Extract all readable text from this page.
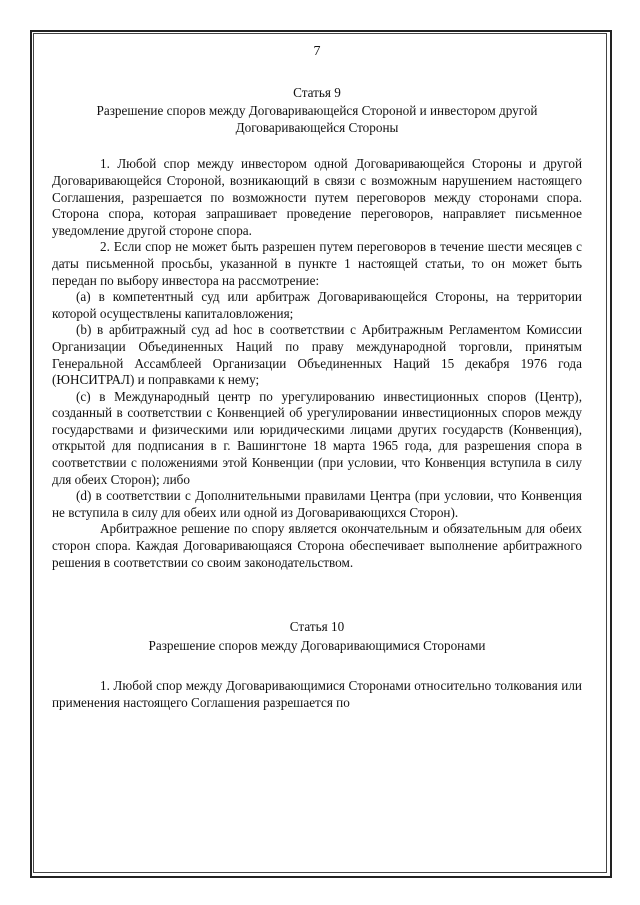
7
Статья 9
Разрешение споров между Договаривающейся Стороной и инвестором другой
Договаривающейся Стороны

1. Любой спор между инвестором одной Договаривающейся Стороны и другой Договаривающейся Стороной, возникающий в связи с возможным нарушением настоящего Соглашения, разрешается по возможности путем переговоров между сторонами спора. Сторона спора, которая запрашивает проведение переговоров, направляет письменное уведомление другой стороне спора.

2. Если спор не может быть разрешен путем переговоров в течение шести месяцев с даты письменной просьбы, указанной в пункте 1 настоящей статьи, то он может быть передан по выбору инвестора на рассмотрение:

(а) в компетентный суд или арбитраж Договаривающейся Стороны, на территории которой осуществлены капиталовложения;

(b) в арбитражный суд ad hoc в соответствии с Арбитражным Регламентом Комиссии Организации Объединенных Наций по праву международной торговли, принятым Генеральной Ассамблеей Организации Объединенных Наций 15 декабря 1976 года (ЮНСИТРАЛ) и поправками к нему;

(с) в Международный центр по урегулированию инвестиционных споров (Центр), созданный в соответствии с Конвенцией об урегулировании инвестиционных споров между государствами и физическими или юридическими лицами других государств (Конвенция), открытой для подписания в г. Вашингтоне 18 марта 1965 года, для разрешения спора в соответствии с положениями этой Конвенции (при условии, что Конвенция вступила в силу для обеих Сторон); либо

(d) в соответствии с Дополнительными правилами Центра (при условии, что Конвенция не вступила в силу для обеих или одной из Договаривающихся Сторон).

Арбитражное решение по спору является окончательным и обязательным для обеих сторон спора. Каждая Договаривающаяся Сторона обеспечивает выполнение арбитражного решения в соответствии со своим законодательством.

Статья 10
Разрешение споров между Договаривающимися Сторонами

1. Любой спор между Договаривающимися Сторонами относительно толкования или применения настоящего Соглашения разрешается по
